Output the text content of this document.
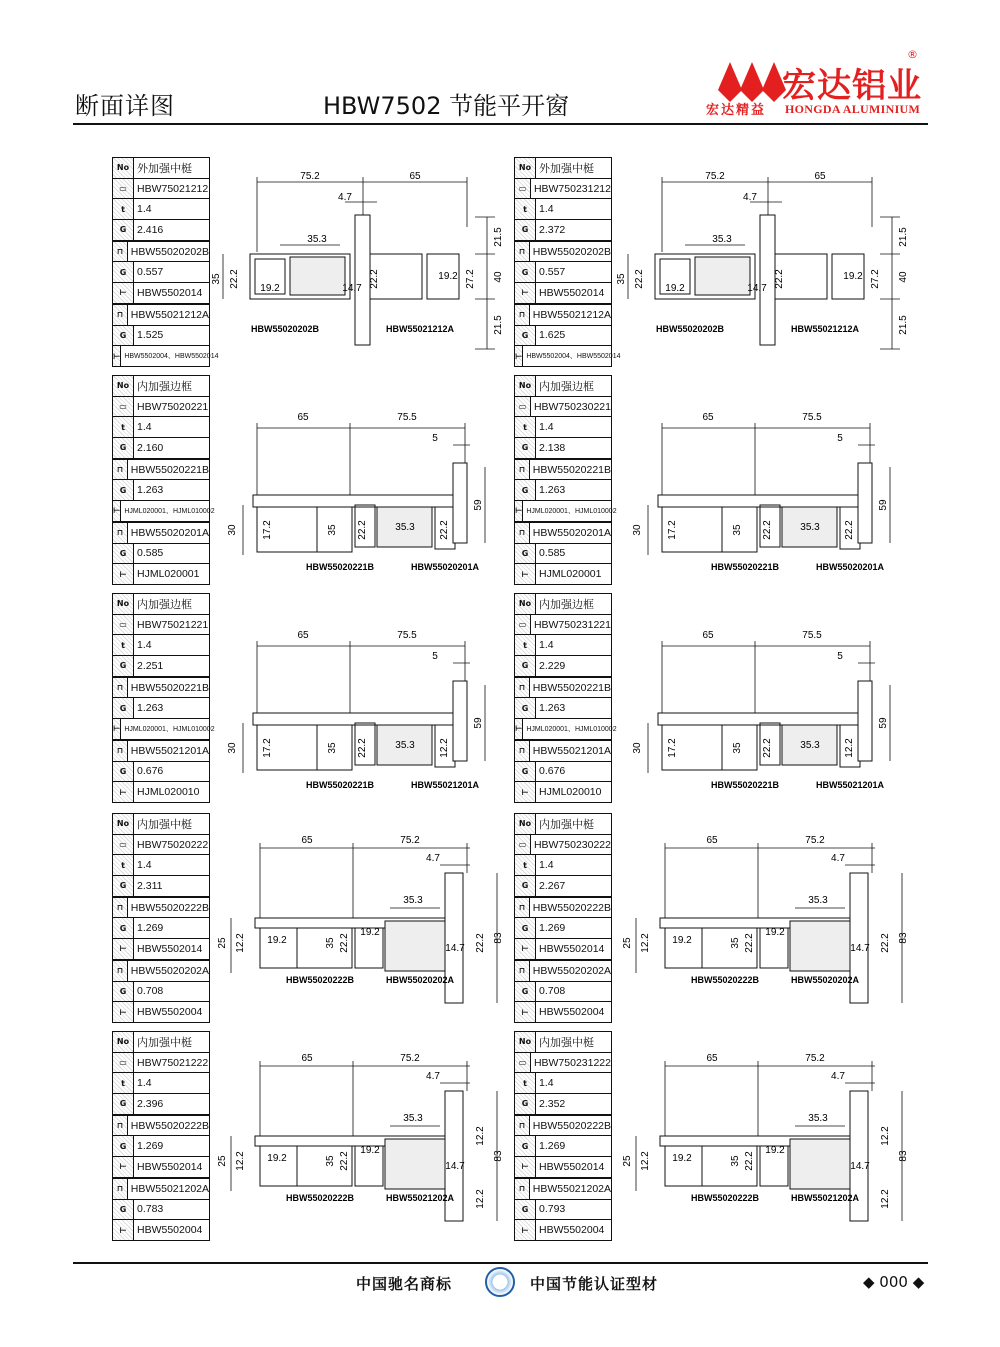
断面详图	HBW7502 节能平开窗	宏达铝业
®
宏达精益 HONGDA ALUMINIUM
No 外加强中梃
▭ HBW75021212
t	1.4
G	2.416
⊓ HBW55020202B
G	0.557
⊢ HBW5502014
⊓ HBW55021212A
G	1.525
⊢ HBW5502004、HBW5502014
No 外加强中梃
▭ HBW750231212
t	1.4
G	2.372
⊓ HBW55020202B
G	0.557
⊢ HBW5502014
⊓ HBW55021212A
G	1.625
⊢ HBW5502004、HBW5502014
No 内加强边框
▭ HBW75020221
t	1.4
G	2.160
⊓ HBW55020221B
G	1.263
⊢ HJML020001、HJML010002
⊓ HBW55020201A
G	0.585
⊢ HJML020001
No 内加强边框
▭ HBW750230221
t	1.4
G	2.138
⊓ HBW55020221B
G	1.263
⊢ HJML020001、HJML010002
⊓ HBW55020201A
G	0.585
⊢ HJML020001
No 内加强边框
▭ HBW75021221
t	1.4
G	2.251
⊓ HBW55020221B
G	1.263
⊢ HJML020001、HJML010002
⊓ HBW55021201A
G	0.676
⊢ HJML020010
No 内加强边框
▭ HBW750231221
t	1.4
G	2.229
⊓ HBW55020221B
G	1.263
⊢ HJML020001、HJML010002
⊓ HBW55021201A
G	0.676
⊢ HJML020010
No 内加强中梃
▭ HBW75020222
t	1.4
G	2.311
⊓ HBW55020222B
G	1.269
⊢ HBW5502014
⊓ HBW55020202A
G	0.708
⊢ HBW5502004
No 内加强中梃
▭ HBW750230222
t	1.4
G	2.267
⊓ HBW55020222B
G	1.269
⊢ HBW5502014
⊓ HBW55020202A
G	0.708
⊢ HBW5502004
No 内加强中梃
▭ HBW75021222
t	1.4
G	2.396
⊓ HBW55020222B
G	1.269
⊢ HBW5502014
⊓ HBW55021202A
G	0.783
⊢ HBW5502004
No 内加强中梃
▭ HBW750231222
t	1.4
G	2.352
⊓ HBW55020222B
G	1.269
⊢ HBW5502014
⊓ HBW55021202A
G	0.793
⊢ HBW5502004
75.2	65
4.7
35.3	21.5
40
21.5
35 22.2 19.2	14.7 22.2	19.2 27.2
HBW55020202B	HBW55021212A
75.2	65
4.7
35.3	21.5
40
21.5
35 22.2 19.2	14.7 22.2	19.2 27.2
HBW55020202B	HBW55021212A
65	75.5
5
59
30 17.2	35 22.2	35.3 22.2
HBW55020221B	HBW55020201A
65	75.5
5
59
30 17.2	35 22.2	35.3 22.2
HBW55020221B	HBW55020201A
65	75.5
5
59
30 17.2	35 22.2	35.3 12.2
HBW55020221B	HBW55021201A
65	75.5
5
59
30 17.2	35 22.2	35.3 12.2
HBW55020221B	HBW55021201A
65	75.2
4.7
35.3
83
25 12.2 19.2	35 22.2
19.2
14.7 22.2
HBW55020222B	HBW55020202A
65	75.2
4.7
35.3
83
25 12.2 19.2	35 22.2
19.2
14.7 22.2
HBW55020222B	HBW55020202A
65	75.2
4.7
35.3
83
25 12.2 19.2	35 22.2
19.2
14.7
12.2
12.2
HBW55020222B	HBW55021202A
65	75.2
4.7
35.3
83
25 12.2 19.2	35 22.2
19.2
14.7
12.2
12.2
HBW55020222B	HBW55021202A
中国驰名商标	中国节能认证型材	◆ 000 ◆
